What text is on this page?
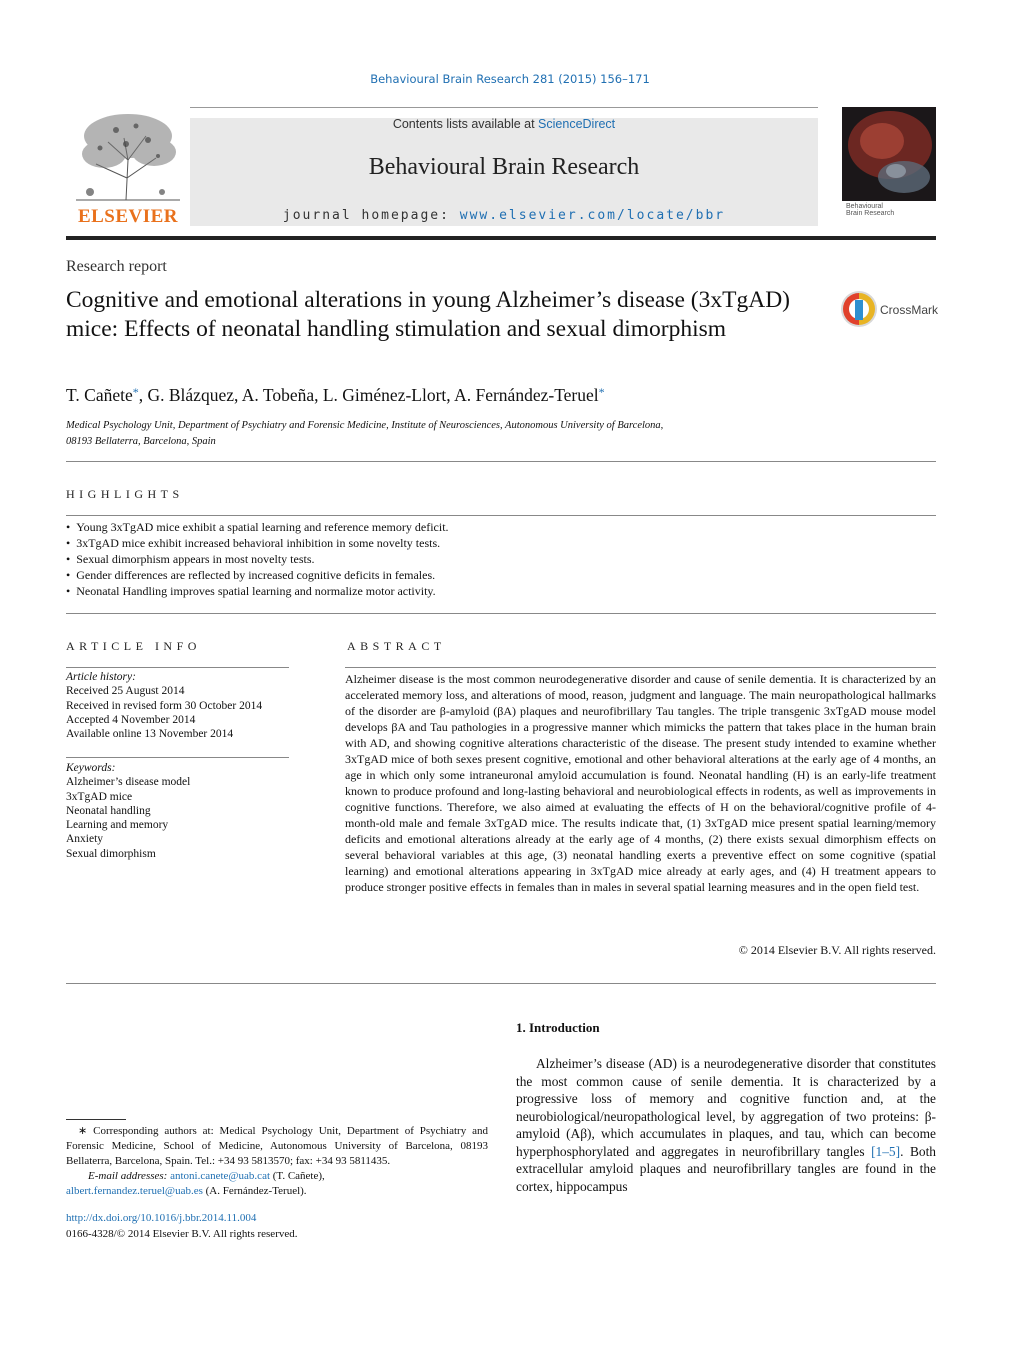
Behavioural Brain Research 281 (2015) 156–171
ELSEVIER
Contents lists available at ScienceDirect
Behavioural Brain Research
journal homepage: www.elsevier.com/locate/bbr
Behavioural Brain Research
Research report
Cognitive and emotional alterations in young Alzheimer’s disease (3xTgAD) mice: Effects of neonatal handling stimulation and sexual dimorphism
CrossMark
T. Cañete*, G. Blázquez, A. Tobeña, L. Giménez-Llort, A. Fernández-Teruel*
Medical Psychology Unit, Department of Psychiatry and Forensic Medicine, Institute of Neurosciences, Autonomous University of Barcelona,
08193 Bellaterra, Barcelona, Spain
HIGHLIGHTS
• Young 3xTgAD mice exhibit a spatial learning and reference memory deficit.
• 3xTgAD mice exhibit increased behavioral inhibition in some novelty tests.
• Sexual dimorphism appears in most novelty tests.
• Gender differences are reflected by increased cognitive deficits in females.
• Neonatal Handling improves spatial learning and normalize motor activity.
ARTICLE INFO
Article history:
Received 25 August 2014
Received in revised form 30 October 2014
Accepted 4 November 2014
Available online 13 November 2014
Keywords:
Alzheimer’s disease model
3xTgAD mice
Neonatal handling
Learning and memory
Anxiety
Sexual dimorphism
ABSTRACT
Alzheimer disease is the most common neurodegenerative disorder and cause of senile dementia. It is characterized by an accelerated memory loss, and alterations of mood, reason, judgment and language. The main neuropathological hallmarks of the disorder are β-amyloid (βA) plaques and neurofibrillary Tau tangles. The triple transgenic 3xTgAD mouse model develops βA and Tau pathologies in a progressive manner which mimicks the pattern that takes place in the human brain with AD, and showing cognitive alterations characteristic of the disease. The present study intended to examine whether 3xTgAD mice of both sexes present cognitive, emotional and other behavioral alterations at the early age of 4 months, an age in which only some intraneuronal amyloid accumulation is found. Neonatal handling (H) is an early-life treatment known to produce profound and long-lasting behavioral and neurobiological effects in rodents, as well as improvements in cognitive functions. Therefore, we also aimed at evaluating the effects of H on the behavioral/cognitive profile of 4-month-old male and female 3xTgAD mice. The results indicate that, (1) 3xTgAD mice present spatial learning/memory deficits and emotional alterations already at the early age of 4 months, (2) there exists sexual dimorphism effects on several behavioral variables at this age, (3) neonatal handling exerts a preventive effect on some cognitive (spatial learning) and emotional alterations appearing in 3xTgAD mice already at early ages, and (4) H treatment appears to produce stronger positive effects in females than in males in several spatial learning measures and in the open field test.
© 2014 Elsevier B.V. All rights reserved.
1. Introduction
Alzheimer’s disease (AD) is a neurodegenerative disorder that constitutes the most common cause of senile dementia. It is characterized by a progressive loss of memory and cognitive function and, at the neurobiological/neuropathological level, by aggregation of two proteins: β-amyloid (Aβ), which accumulates in plaques, and tau, which can become hyperphosphorylated and aggregates in neurofibrillary tangles [1–5]. Both extracellular amyloid plaques and neurofibrillary tangles are found in the cortex, hippocampus
∗ Corresponding authors at: Medical Psychology Unit, Department of Psychiatry and Forensic Medicine, School of Medicine, Autonomous University of Barcelona, 08193 Bellaterra, Barcelona, Spain. Tel.: +34 93 5813570; fax: +34 93 5811435.
E-mail addresses: antoni.canete@uab.cat (T. Cañete),
albert.fernandez.teruel@uab.es (A. Fernández-Teruel).
http://dx.doi.org/10.1016/j.bbr.2014.11.004
0166-4328/© 2014 Elsevier B.V. All rights reserved.
